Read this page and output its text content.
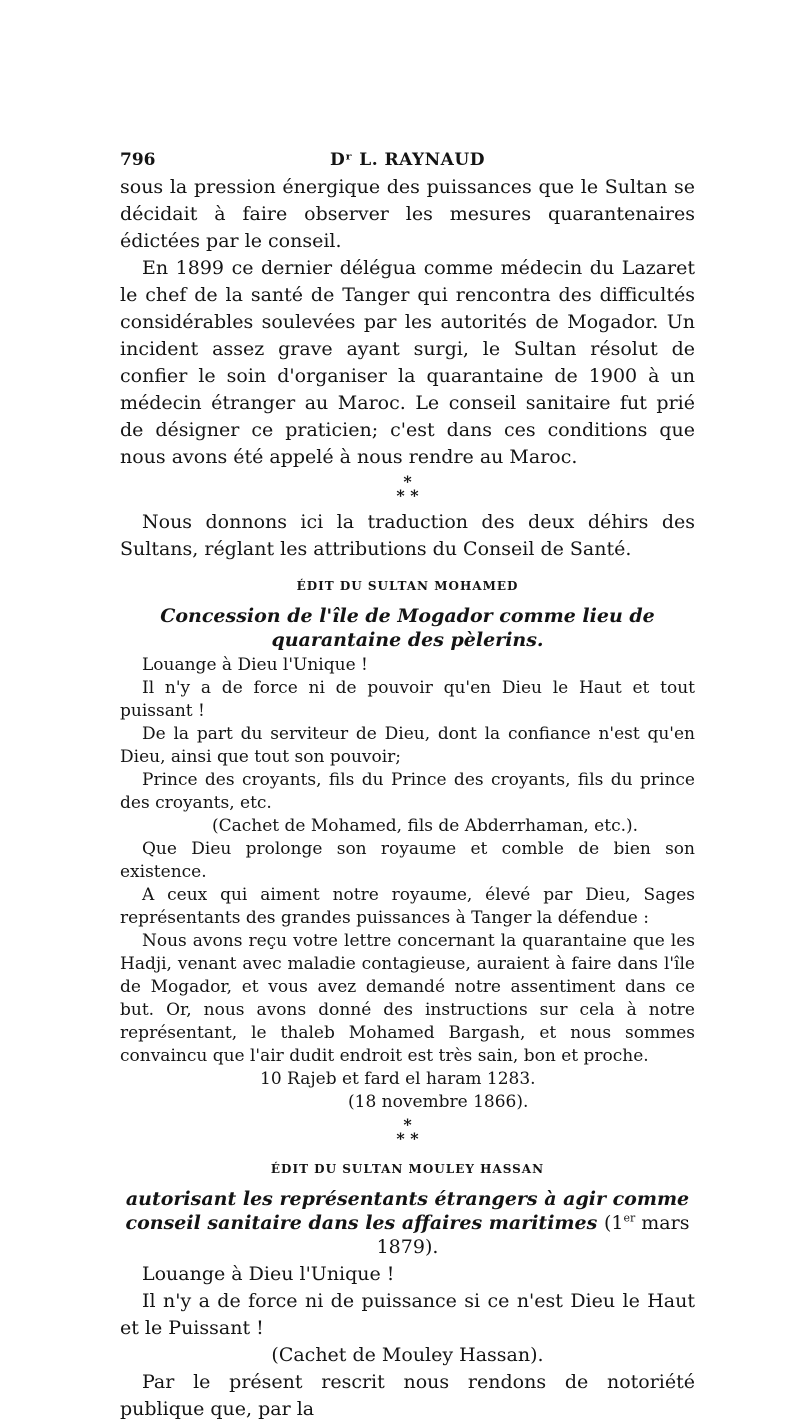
796	Dʳ L. RAYNAUD

sous la pression énergique des puissances que le Sultan se décidait à faire observer les mesures quarantenaires édictées par le conseil.

En 1899 ce dernier délégua comme médecin du Lazaret le chef de la santé de Tanger qui rencontra des difficultés considérables soulevées par les autorités de Mogador. Un incident assez grave ayant surgi, le Sultan résolut de confier le soin d'organiser la quarantaine de 1900 à un médecin étranger au Maroc. Le conseil sanitaire fut prié de désigner ce praticien; c'est dans ces conditions que nous avons été appelé à nous rendre au Maroc.

*
* *

Nous donnons ici la traduction des deux déhirs des Sultans, réglant les attributions du Conseil de Santé.

ÉDIT DU SULTAN MOHAMED
Concession de l'île de Mogador comme lieu de quarantaine des pèlerins.

Louange à Dieu l'Unique !

Il n'y a de force ni de pouvoir qu'en Dieu le Haut et tout puissant !

De la part du serviteur de Dieu, dont la confiance n'est qu'en Dieu, ainsi que tout son pouvoir;

Prince des croyants, fils du Prince des croyants, fils du prince des croyants, etc.

(Cachet de Mohamed, fils de Abderrhaman, etc.).

Que Dieu prolonge son royaume et comble de bien son existence.

A ceux qui aiment notre royaume, élevé par Dieu, Sages représentants des grandes puissances à Tanger la défendue :

Nous avons reçu votre lettre concernant la quarantaine que les Hadji, venant avec maladie contagieuse, auraient à faire dans l'île de Mogador, et vous avez demandé notre assentiment dans ce but. Or, nous avons donné des instructions sur cela à notre représentant, le thaleb Mohamed Bargash, et nous sommes convaincu que l'air dudit endroit est très sain, bon et proche.

10 Rajeb et fard el haram 1283.

(18 novembre 1866).

*
* *
ÉDIT DU SULTAN MOULEY HASSAN
autorisant les représentants étrangers à agir comme conseil sanitaire dans les affaires maritimes (1er mars 1879).

Louange à Dieu l'Unique !

Il n'y a de force ni de puissance si ce n'est Dieu le Haut et le Puissant !

(Cachet de Mouley Hassan).

Par le présent rescrit nous rendons de notoriété publique que, par la
